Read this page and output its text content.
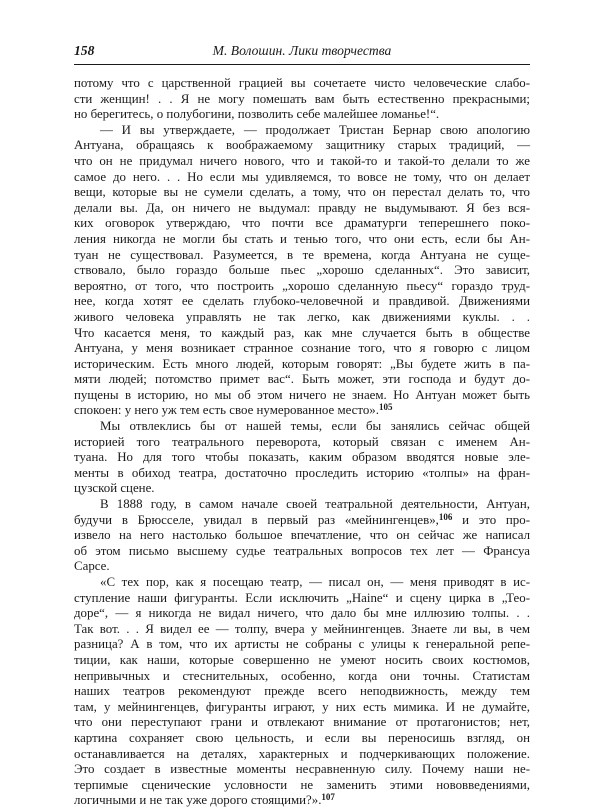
158	М. Волошин. Лики творчества
потому что с царственной грацией вы сочетаете чисто человеческие слабо-
сти женщин! . . Я не могу помешать вам быть естественно прекрасными;
но берегитесь, о полубогини, позволить себе малейшее ломанье!“.
— И вы утверждаете, — продолжает Тристан Бернар свою апологию
Антуана, обращаясь к воображаемому защитнику старых традиций, —
что он не придумал ничего нового, что и такой-то и такой-то делали то же
самое до него. . . Но если мы удивляемся, то вовсе не тому, что он делает
вещи, которые вы не сумели сделать, а тому, что он перестал делать то, что
делали вы. Да, он ничего не выдумал: правду не выдумывают. Я без вся-
ких оговорок утверждаю, что почти все драматурги теперешнего поко-
ления никогда не могли бы стать и тенью того, что они есть, если бы Ан-
туан не существовал. Разумеется, в те времена, когда Антуана не суще-
ствовало, было гораздо больше пьес „хорошо сделанных“. Это зависит,
вероятно, от того, что построить „хорошо сделанную пьесу“ гораздо труд-
нее, когда хотят ее сделать глубоко-человечной и правдивой. Движениями
живого человека управлять не так легко, как движениями куклы. . .
Что касается меня, то каждый раз, как мне случается быть в обществе
Антуана, у меня возникает странное сознание того, что я говорю с лицом
историческим. Есть много людей, которым говорят: „Вы будете жить в па-
мяти людей; потомство примет вас“. Быть может, эти господа и будут до-
пущены в историю, но мы об этом ничего не знаем. Но Антуан может быть
спокоен: у него уж тем есть свое нумерованное место».$^{105}$
Мы отвлеклись бы от нашей темы, если бы занялись сейчас общей
историей того театрального переворота, который связан с именем Ан-
туана. Но для того чтобы показать, каким образом вводятся новые эле-
менты в обиход театра, достаточно проследить историю «толпы» на фран-
цузской сцене.
В 1888 году, в самом начале своей театральной деятельности, Антуан,
будучи в Брюсселе, увидал в первый раз «мейнингенцев»,$^{106}$ и это про-
извело на него настолько большое впечатление, что он сейчас же написал
об этом письмо высшему судье театральных вопросов тех лет — Франсуа
Сарсе.
«С тех пор, как я посещаю театр, — писал он, — меня приводят в ис-
ступление наши фигуранты. Если исключить „Haine“ и сцену цирка в „Тео-
доре“, — я никогда не видал ничего, что дало бы мне иллюзию толпы. . .
Так вот. . . Я видел ее — толпу, вчера у мейнингенцев. Знаете ли вы, в чем
разница? А в том, что их артисты не собраны с улицы к генеральной репе-
тиции, как наши, которые совершенно не умеют носить своих костюмов,
непривычных и стеснительных, особенно, когда они точны. Статистам
наших театров рекомендуют прежде всего неподвижность, между тем
там, у мейнингенцев, фигуранты играют, у них есть мимика. И не думайте,
что они переступают грани и отвлекают внимание от протагонистов; нет,
картина сохраняет свою цельность, и если вы переносишь взгляд, он
останавливается на деталях, характерных и подчеркивающих положение.
Это создает в известные моменты несравненную силу. Почему наши не-
терпимые сценические условности не заменить этими нововведениями,
логичными и не так уже дорого стоящими?».$^{107}$
